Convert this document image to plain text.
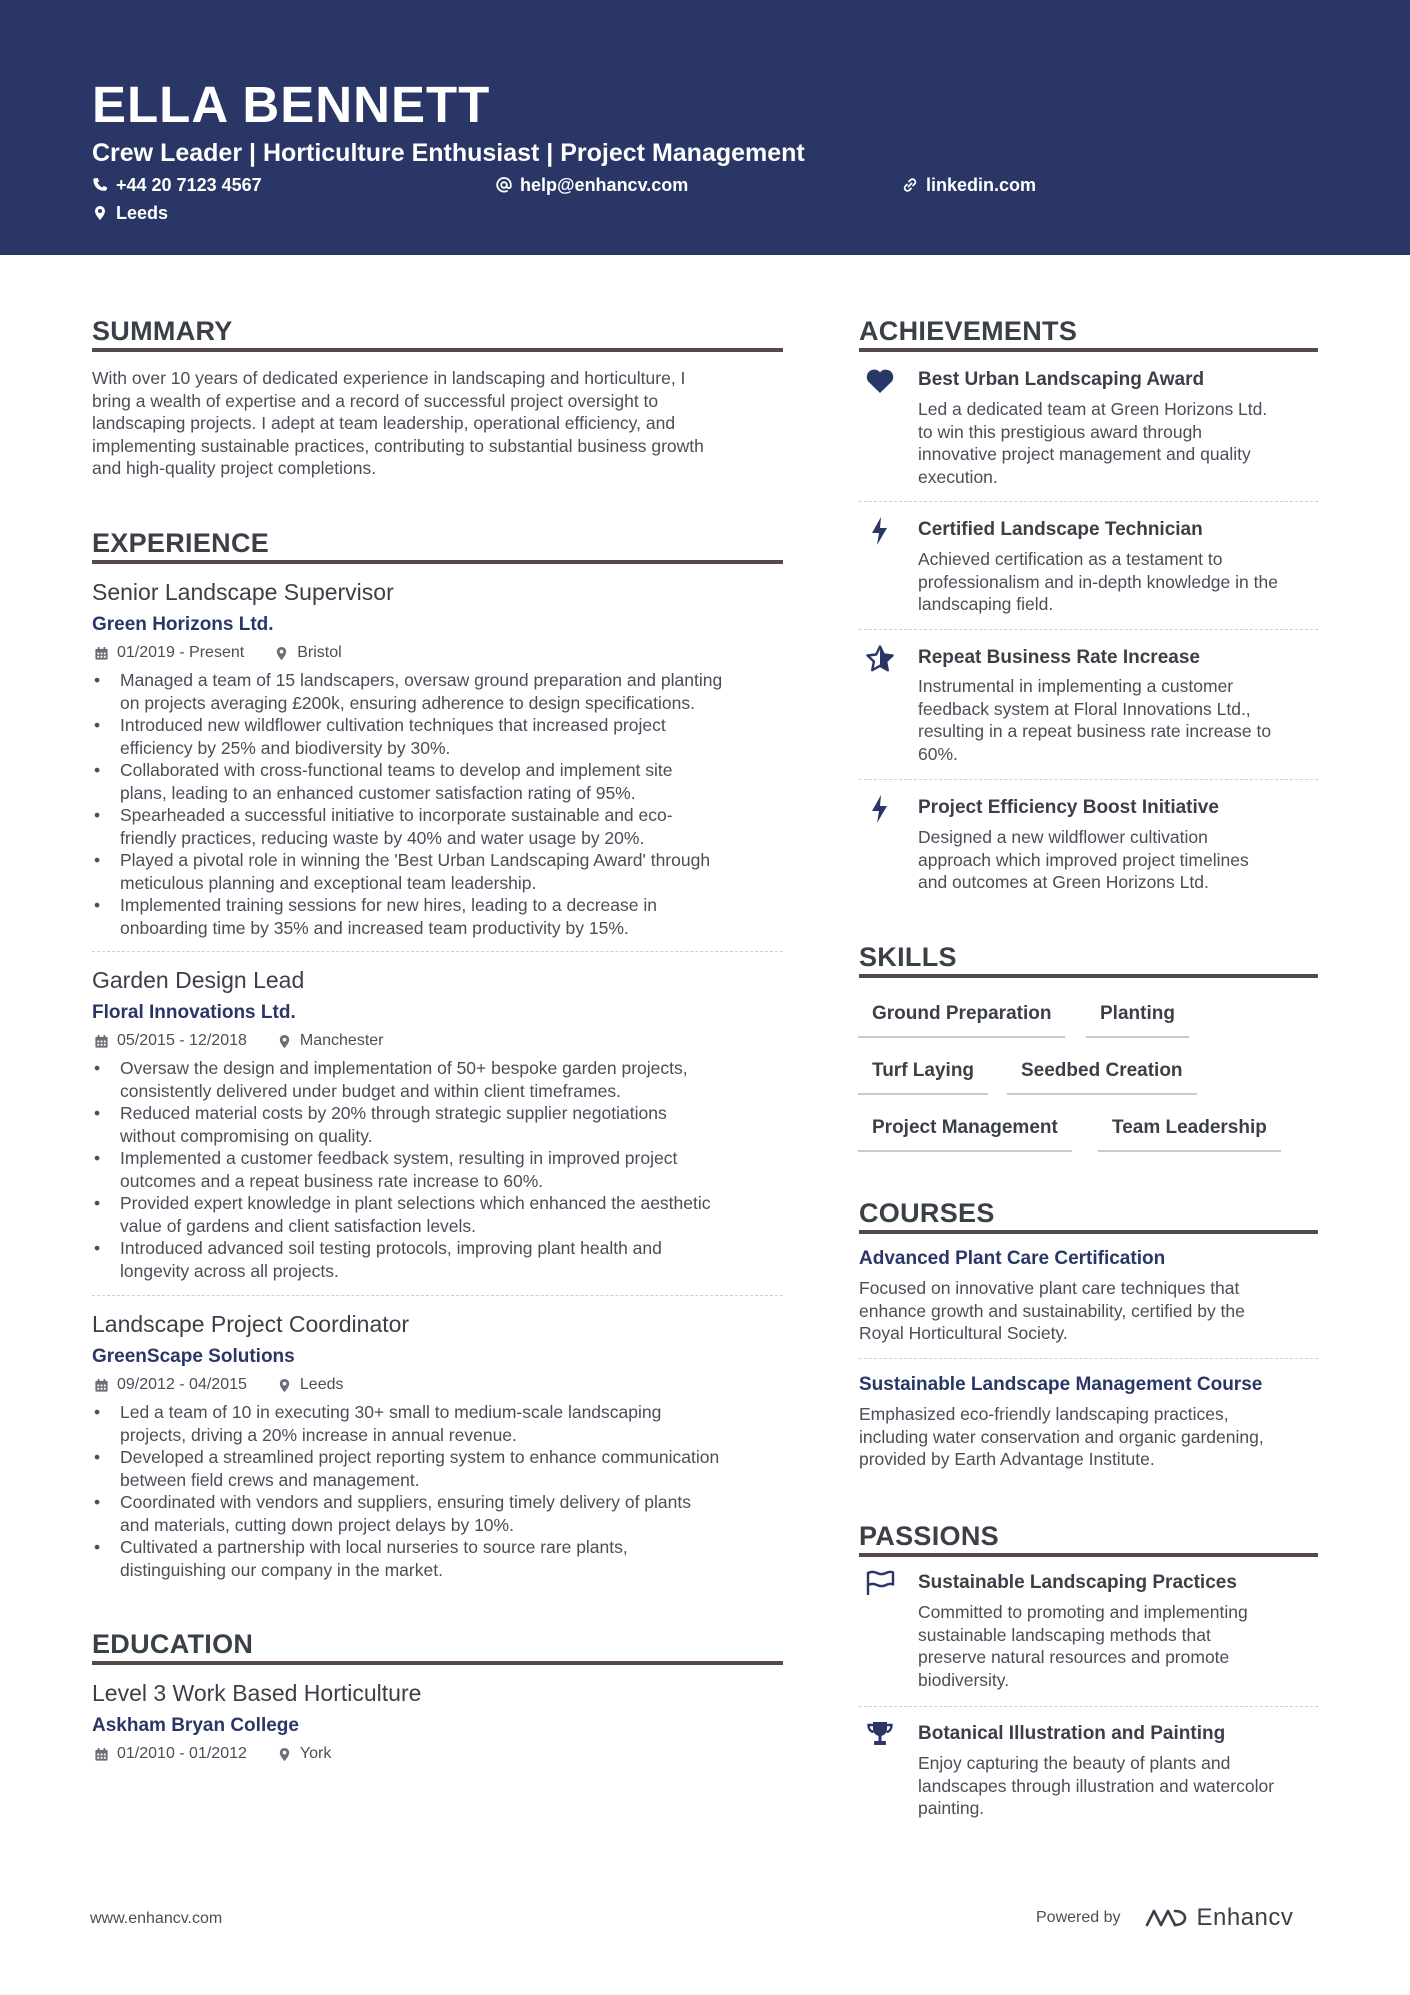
ELLA BENNETT
Crew Leader | Horticulture Enthusiast | Project Management
+44 20 7123 4567	help@enhancv.com	linkedin.com
Leeds
SUMMARY
With over 10 years of dedicated experience in landscaping and horticulture, I
bring a wealth of expertise and a record of successful project oversight to
landscaping projects. I adept at team leadership, operational efficiency, and
implementing sustainable practices, contributing to substantial business growth
and high-quality project completions.
EXPERIENCE
Senior Landscape Supervisor
Green Horizons Ltd.
01/2019 - Present	Bristol
• Managed a team of 15 landscapers, oversaw ground preparation and planting
on projects averaging £200k, ensuring adherence to design specifications.
• Introduced new wildflower cultivation techniques that increased project
efficiency by 25% and biodiversity by 30%.
• Collaborated with cross-functional teams to develop and implement site
plans, leading to an enhanced customer satisfaction rating of 95%.
• Spearheaded a successful initiative to incorporate sustainable and eco-
friendly practices, reducing waste by 40% and water usage by 20%.
• Played a pivotal role in winning the 'Best Urban Landscaping Award' through
meticulous planning and exceptional team leadership.
• Implemented training sessions for new hires, leading to a decrease in
onboarding time by 35% and increased team productivity by 15%.
Garden Design Lead
Floral Innovations Ltd.
05/2015 - 12/2018	Manchester
• Oversaw the design and implementation of 50+ bespoke garden projects,
consistently delivered under budget and within client timeframes.
• Reduced material costs by 20% through strategic supplier negotiations
without compromising on quality.
• Implemented a customer feedback system, resulting in improved project
outcomes and a repeat business rate increase to 60%.
• Provided expert knowledge in plant selections which enhanced the aesthetic
value of gardens and client satisfaction levels.
• Introduced advanced soil testing protocols, improving plant health and
longevity across all projects.
Landscape Project Coordinator
GreenScape Solutions
09/2012 - 04/2015	Leeds
• Led a team of 10 in executing 30+ small to medium-scale landscaping
projects, driving a 20% increase in annual revenue.
• Developed a streamlined project reporting system to enhance communication
between field crews and management.
• Coordinated with vendors and suppliers, ensuring timely delivery of plants
and materials, cutting down project delays by 10%.
• Cultivated a partnership with local nurseries to source rare plants,
distinguishing our company in the market.
EDUCATION
Level 3 Work Based Horticulture
Askham Bryan College
01/2010 - 01/2012	York
ACHIEVEMENTS
Best Urban Landscaping Award
Led a dedicated team at Green Horizons Ltd.
to win this prestigious award through
innovative project management and quality
execution.
Certified Landscape Technician
Achieved certification as a testament to
professionalism and in-depth knowledge in the
landscaping field.
Repeat Business Rate Increase
Instrumental in implementing a customer
feedback system at Floral Innovations Ltd.,
resulting in a repeat business rate increase to
60%.
Project Efficiency Boost Initiative
Designed a new wildflower cultivation
approach which improved project timelines
and outcomes at Green Horizons Ltd.
SKILLS
Ground Preparation	Planting
Turf Laying	Seedbed Creation
Project Management	Team Leadership
COURSES
Advanced Plant Care Certification
Focused on innovative plant care techniques that
enhance growth and sustainability, certified by the
Royal Horticultural Society.
Sustainable Landscape Management Course
Emphasized eco-friendly landscaping practices,
including water conservation and organic gardening,
provided by Earth Advantage Institute.
PASSIONS
Sustainable Landscaping Practices
Committed to promoting and implementing
sustainable landscaping methods that
preserve natural resources and promote
biodiversity.
Botanical Illustration and Painting
Enjoy capturing the beauty of plants and
landscapes through illustration and watercolor
painting.
www.enhancv.com	Powered by	Enhancv
